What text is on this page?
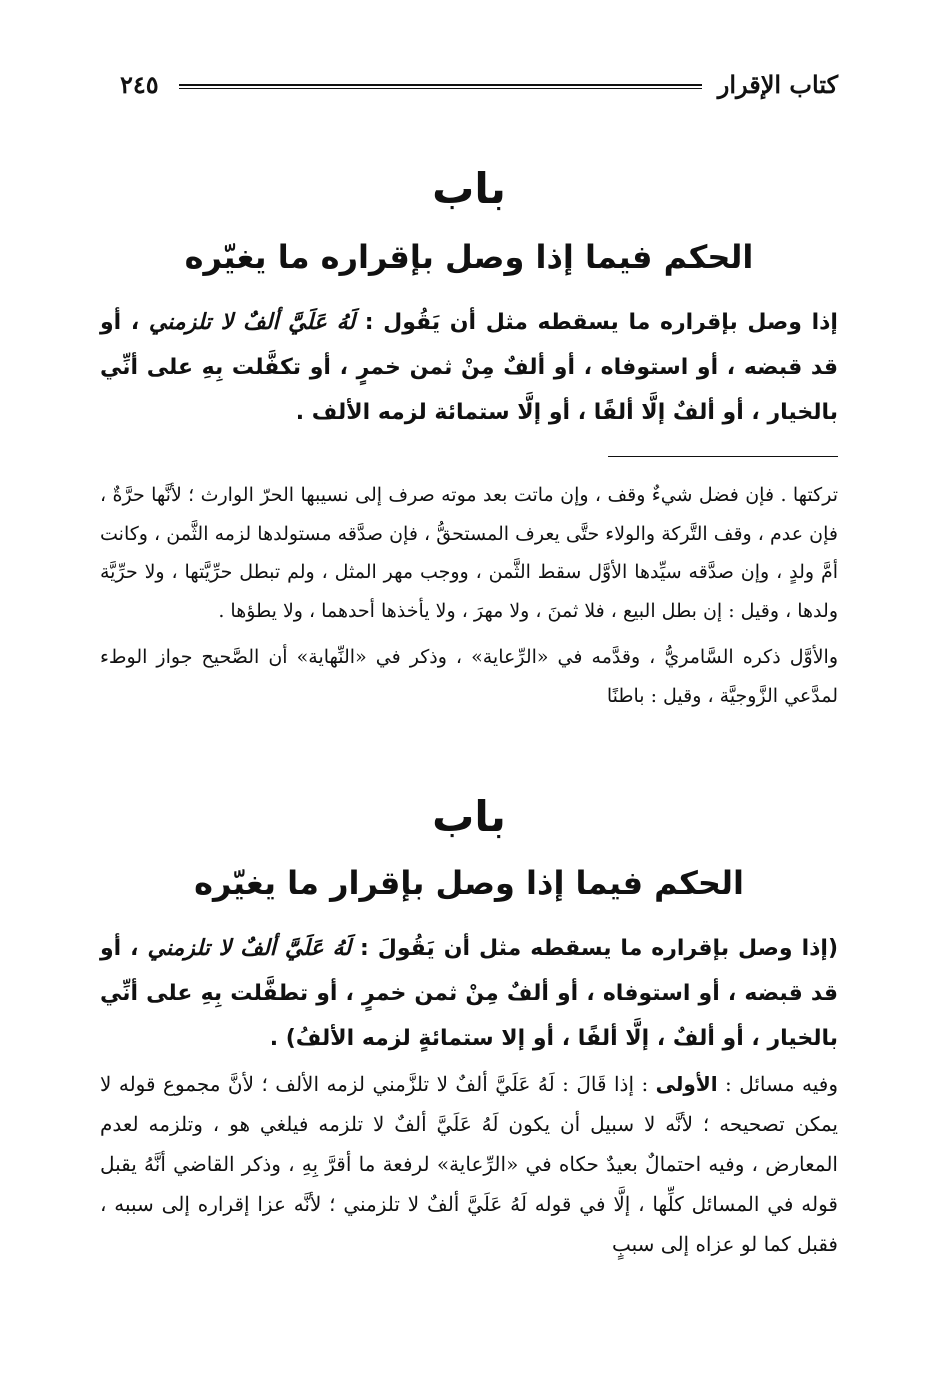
كتاب الإقرار
٢٤٥
باب
الحكم فيما إذا وصل بإقراره ما يغيّره

إذا وصل بإقراره ما يسقطه مثل أن يَقُول : لَهُ عَلَيَّ ألفٌ لا تلزمني ، أو قد قبضه ، أو استوفاه ، أو ألفٌ مِنْ ثمن خمرٍ ، أو تكفَّلت بِهِ على أنِّي بالخيار ، أو ألفٌ إلَّا ألفًا ، أو إلَّا ستمائة لزمه الألف .

تركتها . فإن فضل شيءٌ وقف ، وإن ماتت بعد موته صرف إلى نسيبها الحرّ الوارث ؛ لأنَّها حرَّةٌ ، فإن عدم ، وقف التَّركة والولاء حتَّى يعرف المستحقُّ ، فإن صدَّقه مستولدها لزمه الثَّمن ، وكانت أمَّ ولدٍ ، وإن صدَّقه سيِّدها الأوَّل سقط الثَّمن ، ووجب مهر المثل ، ولم تبطل حرِّيَّتها ، ولا حرِّيَّة ولدها ، وقيل : إن بطل البيع ، فلا ثمنَ ، ولا مهرَ ، ولا يأخذها أحدهما ، ولا يطؤها .

والأوَّل ذكره السَّامريُّ ، وقدَّمه في «الرِّعاية» ، وذكر في «النِّهاية» أن الصَّحيح جواز الوطء لمدَّعي الزَّوجيَّة ، وقيل : باطنًا

باب
الحكم فيما إذا وصل بإقرار ما يغيّره

(إذا وصل بإقراره ما يسقطه مثل أن يَقُولَ : لَهُ عَلَيَّ ألفٌ لا تلزمني ، أو قد قبضه ، أو استوفاه ، أو ألفٌ مِنْ ثمن خمرٍ ، أو تطفَّلت بِهِ على أنِّي بالخيار ، أو ألفٌ ، إلَّا ألفًا ، أو إلا ستمائةٍ لزمه الألفُ) .

وفيه مسائل : الأولى : إذا قَالَ : لَهُ عَلَيَّ ألفٌ لا تلزَّمني لزمه الألف ؛ لأنَّ مجموع قوله لا يمكن تصحيحه ؛ لأنَّه لا سبيل أن يكون لَهُ عَلَيَّ ألفٌ لا تلزمه فيلغي هو ، وتلزمه لعدم المعارض ، وفيه احتمالٌ بعيدٌ حكاه في «الرِّعاية» لرفعة ما أقرَّ بِهِ ، وذكر القاضي أنَّهُ يقبل قوله في المسائل كلِّها ، إلَّا في قوله لَهُ عَلَيَّ ألفٌ لا تلزمني ؛ لأنَّه عزا إقراره إلى سببه ، فقبل كما لو عزاه إلى سببٍ
